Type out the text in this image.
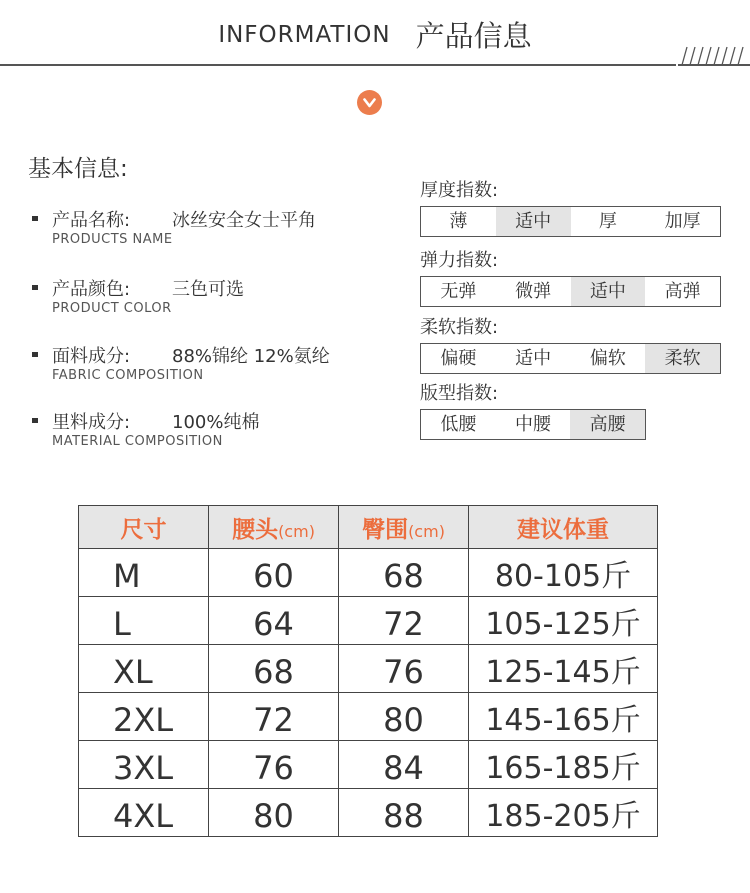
INFORMATION 产品信息
基本信息:
产品名称: 冰丝安全女士平角
PRODUCTS NAME
产品颜色: 三色可选
PRODUCT COLOR
面料成分: 88%锦纶 12%氨纶
FABRIC COMPOSITION
里料成分: 100%纯棉
MATERIAL COMPOSITION
厚度指数:
薄	适中	厚	加厚
弹力指数:
无弹	微弹	适中	高弹
柔软指数:
偏硬	适中	偏软	柔软
版型指数:
低腰	中腰	高腰
尺寸	腰头(cm)	臀围(cm)	建议体重
M	60	68	80-105斤
L	64	72	105-125斤
XL	68	76	125-145斤
2XL	72	80	145-165斤
3XL	76	84	165-185斤
4XL	80	88	185-205斤
